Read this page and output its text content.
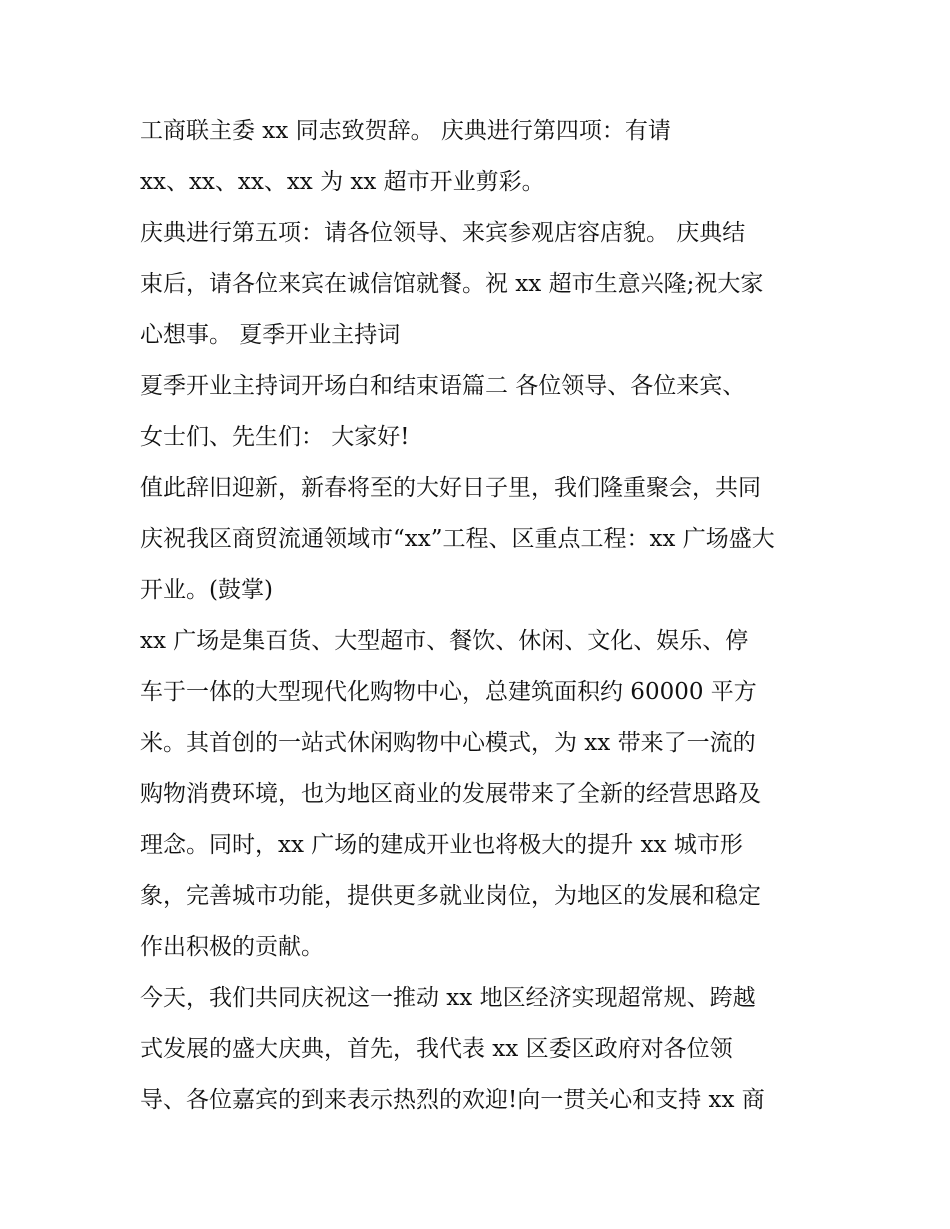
工商联主委 xx 同志致贺辞。 庆典进行第四项：有请
xx、xx、xx、xx 为 xx 超市开业剪彩。
庆典进行第五项：请各位领导、来宾参观店容店貌。 庆典结
束后，请各位来宾在诚信馆就餐。祝 xx 超市生意兴隆;祝大家
心想事。 夏季开业主持词
夏季开业主持词开场白和结束语篇二 各位领导、各位来宾、
女士们、先生们： 大家好!
值此辞旧迎新，新春将至的大好日子里，我们隆重聚会，共同
庆祝我区商贸流通领域市“xx”工程、区重点工程：xx 广场盛大
开业。(鼓掌)
xx 广场是集百货、大型超市、餐饮、休闲、文化、娱乐、停
车于一体的大型现代化购物中心，总建筑面积约 60000 平方
米。其首创的一站式休闲购物中心模式，为 xx 带来了一流的
购物消费环境，也为地区商业的发展带来了全新的经营思路及
理念。同时，xx 广场的建成开业也将极大的提升 xx 城市形
象，完善城市功能，提供更多就业岗位，为地区的发展和稳定
作出积极的贡献。
今天，我们共同庆祝这一推动 xx 地区经济实现超常规、跨越
式发展的盛大庆典，首先，我代表 xx 区委区政府对各位领
导、各位嘉宾的到来表示热烈的欢迎!向一贯关心和支持 xx 商
